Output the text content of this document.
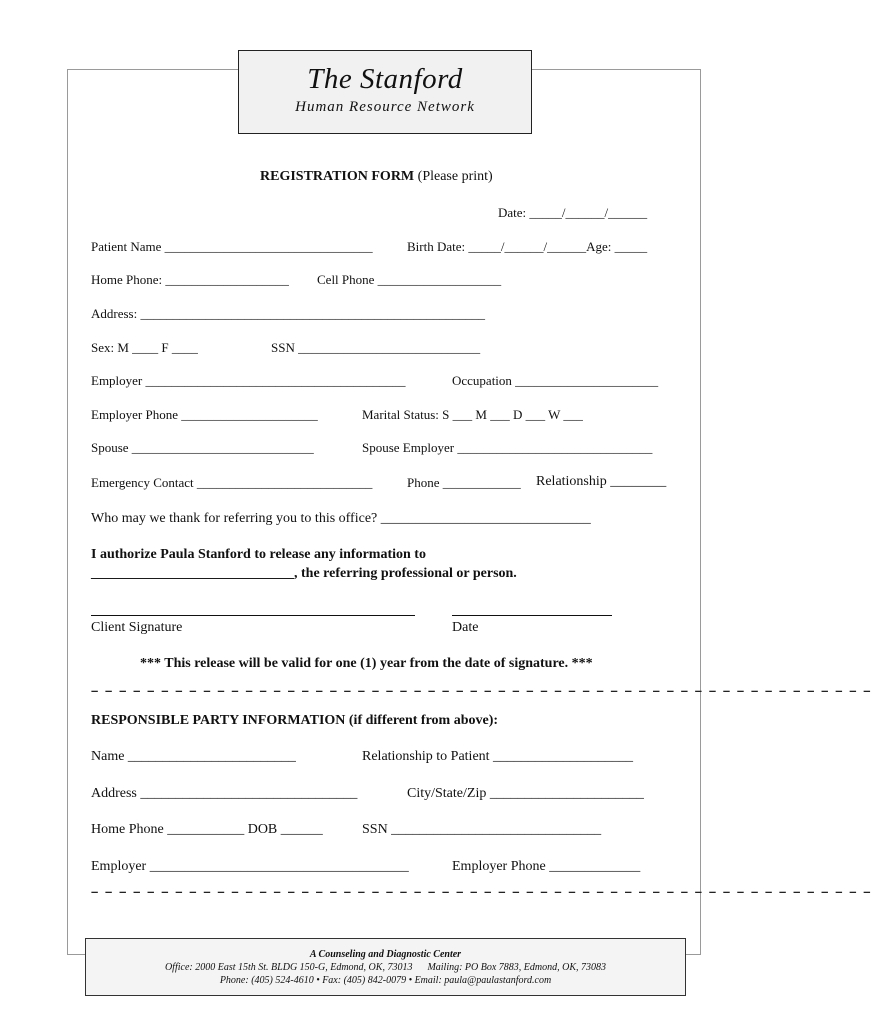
The Stanford
Human Resource Network
REGISTRATION FORM (Please print)
Date: _____/______/______
Patient Name ________________________________	Birth Date: _____/______/______Age: _____
Home Phone: ___________________ Cell Phone ___________________
Address: _____________________________________________________
Sex: M ____ F ____	SSN ____________________________
Employer ________________________________________	Occupation ______________________
Employer Phone _____________________	Marital Status: S ___ M ___ D ___ W ___
Spouse ____________________________	Spouse Employer ______________________________
Emergency Contact ___________________________	Phone ____________ Relationship ________
Who may we thank for referring you to this office? ______________________________
I authorize Paula Stanford to release any information to
_____________________________, the referring professional or person.
Client Signature	Date
*** This release will be valid for one (1) year from the date of signature. ***
– – – – – – – – – – – – – – – – – – – – – – – – – – – – – – – – – – – – – – – – – – – – – – – – – – – – – – – –
RESPONSIBLE PARTY INFORMATION (if different from above):
Name ________________________	Relationship to Patient ____________________
Address _______________________________	City/State/Zip ______________________
Home Phone ___________ DOB ______	SSN ______________________________
Employer _____________________________________	Employer Phone _____________
– – – – – – – – – – – – – – – – – – – – – – – – – – – – – – – – – – – – – – – – – – – – – – – – – – – – – – – –
A Counseling and Diagnostic Center
Office: 2000 East 15th St. BLDG 150-G, Edmond, OK, 73013      Mailing: PO Box 7883, Edmond, OK, 73083
Phone: (405) 524-4610 • Fax: (405) 842-0079 • Email: paula@paulastanford.com
